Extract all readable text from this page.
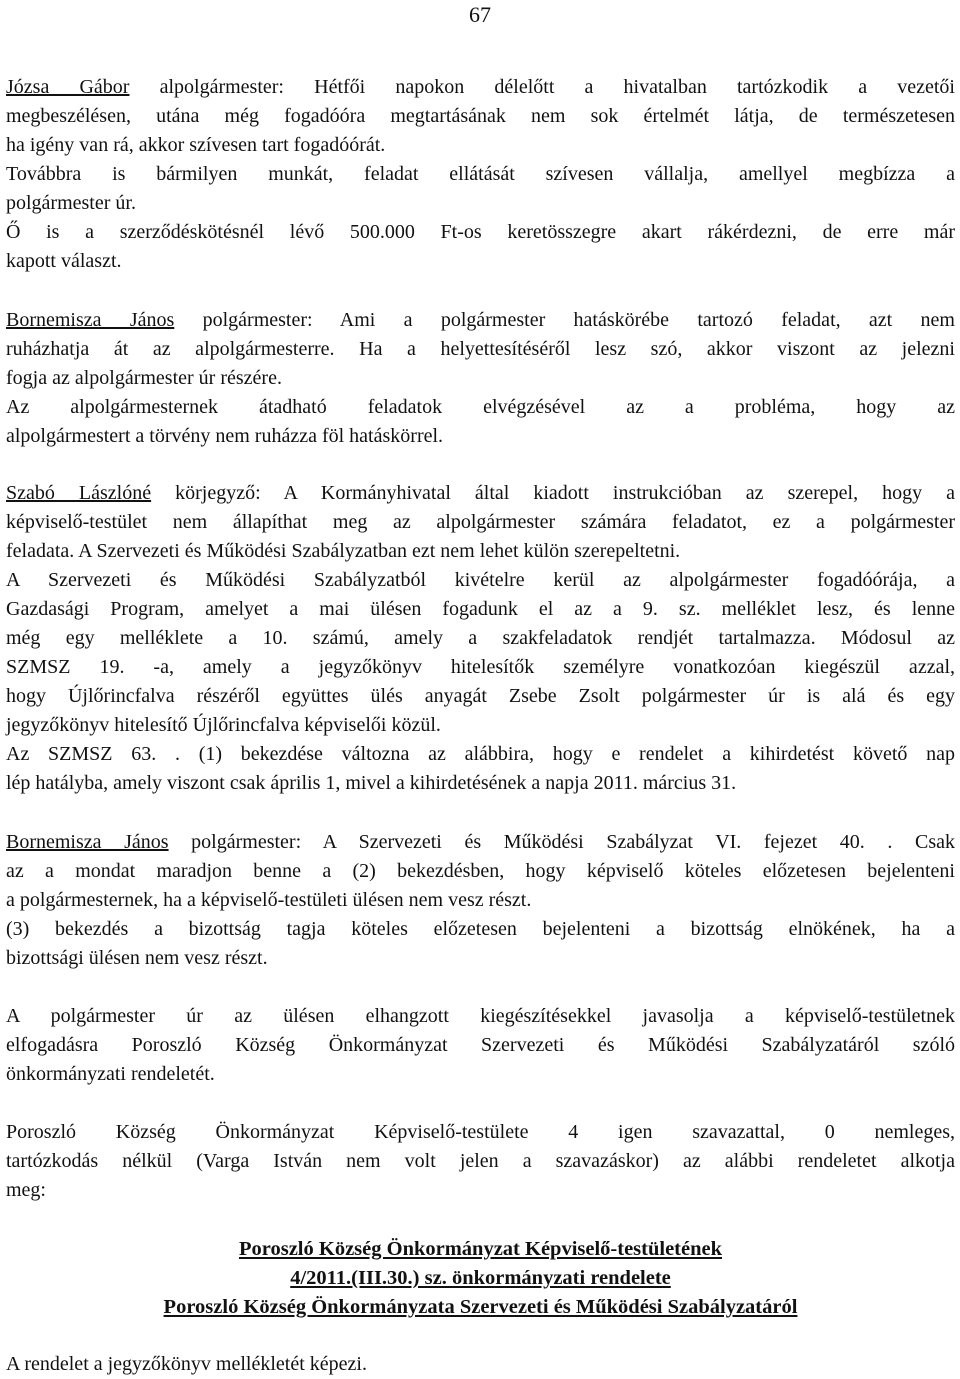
67
Józsa Gábor alpolgármester: Hétfői napokon délelőtt a hivatalban tartózkodik a vezetői
megbeszélésen, utána még fogadóóra megtartásának nem sok értelmét látja, de természetesen
ha igény van rá, akkor szívesen tart fogadóórát.
Továbbra is bármilyen munkát, feladat ellátását szívesen vállalja, amellyel megbízza a
polgármester úr.
Ő is a szerződéskötésnél lévő 500.000 Ft-os keretösszegre akart rákérdezni, de erre már
kapott választ.
Bornemisza János polgármester: Ami a polgármester hatáskörébe tartozó feladat, azt nem
ruházhatja át az alpolgármesterre. Ha a helyettesítéséről lesz szó, akkor viszont az jelezni
fogja az alpolgármester úr részére.
Az alpolgármesternek átadható feladatok elvégzésével az a probléma, hogy az
alpolgármestert a törvény nem ruházza föl hatáskörrel.
Szabó Lászlóné körjegyző: A Kormányhivatal által kiadott instrukcióban az szerepel, hogy a
képviselő-testület nem állapíthat meg az alpolgármester számára feladatot, ez a polgármester
feladata. A Szervezeti és Működési Szabályzatban ezt nem lehet külön szerepeltetni.
A Szervezeti és Működési Szabályzatból kivételre kerül az alpolgármester fogadóórája, a
Gazdasági Program, amelyet a mai ülésen fogadunk el az a 9. sz. melléklet lesz, és lenne
még egy melléklete a 10. számú, amely a szakfeladatok rendjét tartalmazza. Módosul az
SZMSZ 19. -a, amely a jegyzőkönyv hitelesítők személyre vonatkozóan kiegészül azzal,
hogy Újlőrincfalva részéről együttes ülés anyagát Zsebe Zsolt polgármester úr is alá és egy
jegyzőkönyv hitelesítő Újlőrincfalva képviselői közül.
Az SZMSZ 63. . (1) bekezdése változna az alábbira, hogy e rendelet a kihirdetést követő nap
lép hatályba, amely viszont csak április 1, mivel a kihirdetésének a napja 2011. március 31.
Bornemisza János polgármester: A Szervezeti és Működési Szabályzat VI. fejezet 40. . Csak
az a mondat maradjon benne a (2) bekezdésben, hogy képviselő köteles előzetesen bejelenteni
a polgármesternek, ha a képviselő-testületi ülésen nem vesz részt.
(3) bekezdés a bizottság tagja köteles előzetesen bejelenteni a bizottság elnökének, ha a
bizottsági ülésen nem vesz részt.
A polgármester úr az ülésen elhangzott kiegészítésekkel javasolja a képviselő-testületnek
elfogadásra Poroszló Község Önkormányzat Szervezeti és Működési Szabályzatáról szóló
önkormányzati rendeletét.
Poroszló Község Önkormányzat Képviselő-testülete 4 igen szavazattal, 0 nemleges,
tartózkodás nélkül (Varga István nem volt jelen a szavazáskor) az alábbi rendeletet alkotja
meg:
Poroszló Község Önkormányzat Képviselő-testületének
4/2011.(III.30.) sz. önkormányzati rendelete
Poroszló Község Önkormányzata Szervezeti és Működési Szabályzatáról
A rendelet a jegyzőkönyv mellékletét képezi.
